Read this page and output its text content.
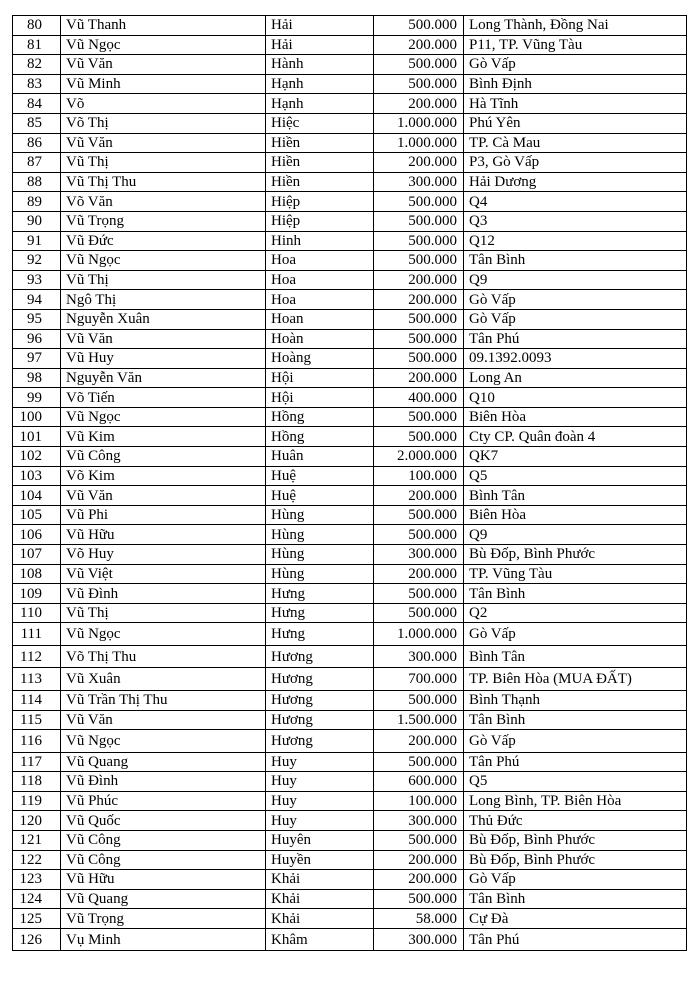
80	Vũ Thanh	Hải	500.000	Long Thành, Đồng Nai
81	Vũ Ngọc	Hải	200.000	P11, TP. Vũng Tàu
82	Vũ Văn	Hành	500.000	Gò Vấp
83	Vũ Minh	Hạnh	500.000	Bình Định
84	Võ	Hạnh	200.000	Hà Tĩnh
85	Võ Thị	Hiệc	1.000.000	Phú Yên
86	Vũ Văn	Hiền	1.000.000	TP. Cà Mau
87	Vũ Thị	Hiền	200.000	P3, Gò Vấp
88	Vũ Thị Thu	Hiền	300.000	Hải Dương
89	Võ Văn	Hiệp	500.000	Q4
90	Vũ Trọng	Hiệp	500.000	Q3
91	Vũ Đức	Hinh	500.000	Q12
92	Vũ Ngọc	Hoa	500.000	Tân Bình
93	Vũ Thị	Hoa	200.000	Q9
94	Ngô Thị	Hoa	200.000	Gò Vấp
95	Nguyễn Xuân	Hoan	500.000	Gò Vấp
96	Vũ Văn	Hoàn	500.000	Tân Phú
97	Vũ Huy	Hoàng	500.000	09.1392.0093
98	Nguyễn Văn	Hội	200.000	Long An
99	Võ Tiến	Hội	400.000	Q10
100	Vũ Ngọc	Hồng	500.000	Biên Hòa
101	Vũ Kim	Hồng	500.000	Cty CP. Quân đoàn 4
102	Vũ Công	Huân	2.000.000	QK7
103	Võ Kim	Huệ	100.000	Q5
104	Vũ Văn	Huệ	200.000	Bình Tân
105	Vũ Phi	Hùng	500.000	Biên Hòa
106	Vũ Hữu	Hùng	500.000	Q9
107	Võ Huy	Hùng	300.000	Bù Đốp, Bình Phước
108	Vũ Việt	Hùng	200.000	TP. Vũng Tàu
109	Vũ Đình	Hưng	500.000	Tân Bình
110	Vũ Thị	Hưng	500.000	Q2
111	Vũ Ngọc	Hưng	1.000.000	Gò Vấp
112	Võ Thị Thu	Hương	300.000	Bình Tân
113	Vũ Xuân	Hương	700.000	TP. Biên Hòa (MUA ĐẤT)
114	Vũ Trần Thị Thu	Hương	500.000	Bình Thạnh
115	Vũ Văn	Hương	1.500.000	Tân Bình
116	Vũ Ngọc	Hương	200.000	Gò Vấp
117	Vũ Quang	Huy	500.000	Tân Phú
118	Vũ Đình	Huy	600.000	Q5
119	Vũ Phúc	Huy	100.000	Long Bình, TP. Biên Hòa
120	Vũ Quốc	Huy	300.000	Thủ Đức
121	Vũ Công	Huyên	500.000	Bù Đốp, Bình Phước
122	Vũ Công	Huyền	200.000	Bù Đốp, Bình Phước
123	Vũ Hữu	Khải	200.000	Gò Vấp
124	Vũ Quang	Khải	500.000	Tân Bình
125	Vũ Trọng	Khải	58.000	Cự Đà
126	Vụ Minh	Khâm	300.000	Tân Phú
